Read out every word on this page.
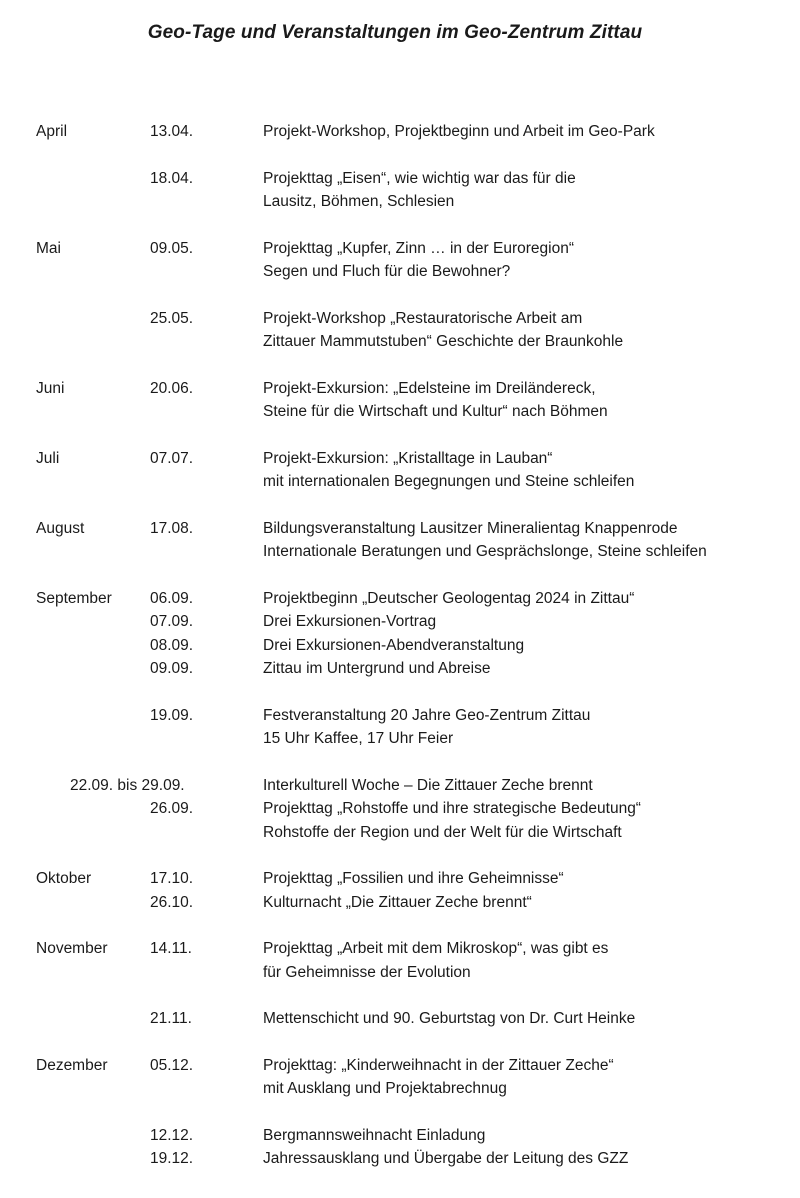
Geo-Tage und Veranstaltungen im Geo-Zentrum Zittau
April	13.04.	Projekt-Workshop, Projektbeginn und Arbeit im Geo-Park
18.04.	Projekttag „Eisen“, wie wichtig war das für die
Lausitz, Böhmen, Schlesien
Mai	09.05.	Projekttag „Kupfer, Zinn … in der Euroregion“
Segen und Fluch für die Bewohner?
25.05.	Projekt-Workshop „Restauratorische Arbeit am
Zittauer Mammutstuben“ Geschichte der Braunkohle
Juni	20.06.	Projekt-Exkursion: „Edelsteine im Dreiländereck,
Steine für die Wirtschaft und Kultur“ nach Böhmen
Juli	07.07.	Projekt-Exkursion: „Kristalltage in Lauban“
mit internationalen Begegnungen und Steine schleifen
August	17.08.	Bildungsveranstaltung Lausitzer Mineralientag Knappenrode
Internationale Beratungen und Gesprächslonge, Steine schleifen
September 06.09.	Projektbeginn „Deutscher Geologentag 2024 in Zittau“
07.09.	Drei Exkursionen-Vortrag
08.09.	Drei Exkursionen-Abendveranstaltung
09.09.	Zittau im Untergrund und Abreise
19.09.	Festveranstaltung 20 Jahre Geo-Zentrum Zittau
15 Uhr Kaffee, 17 Uhr Feier
22.09. bis 29.09.	Interkulturell Woche – Die Zittauer Zeche brennt
26.09.	Projekttag „Rohstoffe und ihre strategische Bedeutung“
Rohstoffe der Region und der Welt für die Wirtschaft
Oktober	17.10.	Projekttag „Fossilien und ihre Geheimnisse“
26.10.	Kulturnacht „Die Zittauer Zeche brennt“
November	14.11.	Projekttag „Arbeit mit dem Mikroskop“, was gibt es
für Geheimnisse der Evolution
21.11.	Mettenschicht und 90. Geburtstag von Dr. Curt Heinke
Dezember	05.12.	Projekttag: „Kinderweihnacht in der Zittauer Zeche“
mit Ausklang und Projektabrechnug
12.12.	Bergmannsweihnacht Einladung
19.12.	Jahressausklang und Übergabe der Leitung des GZZ
